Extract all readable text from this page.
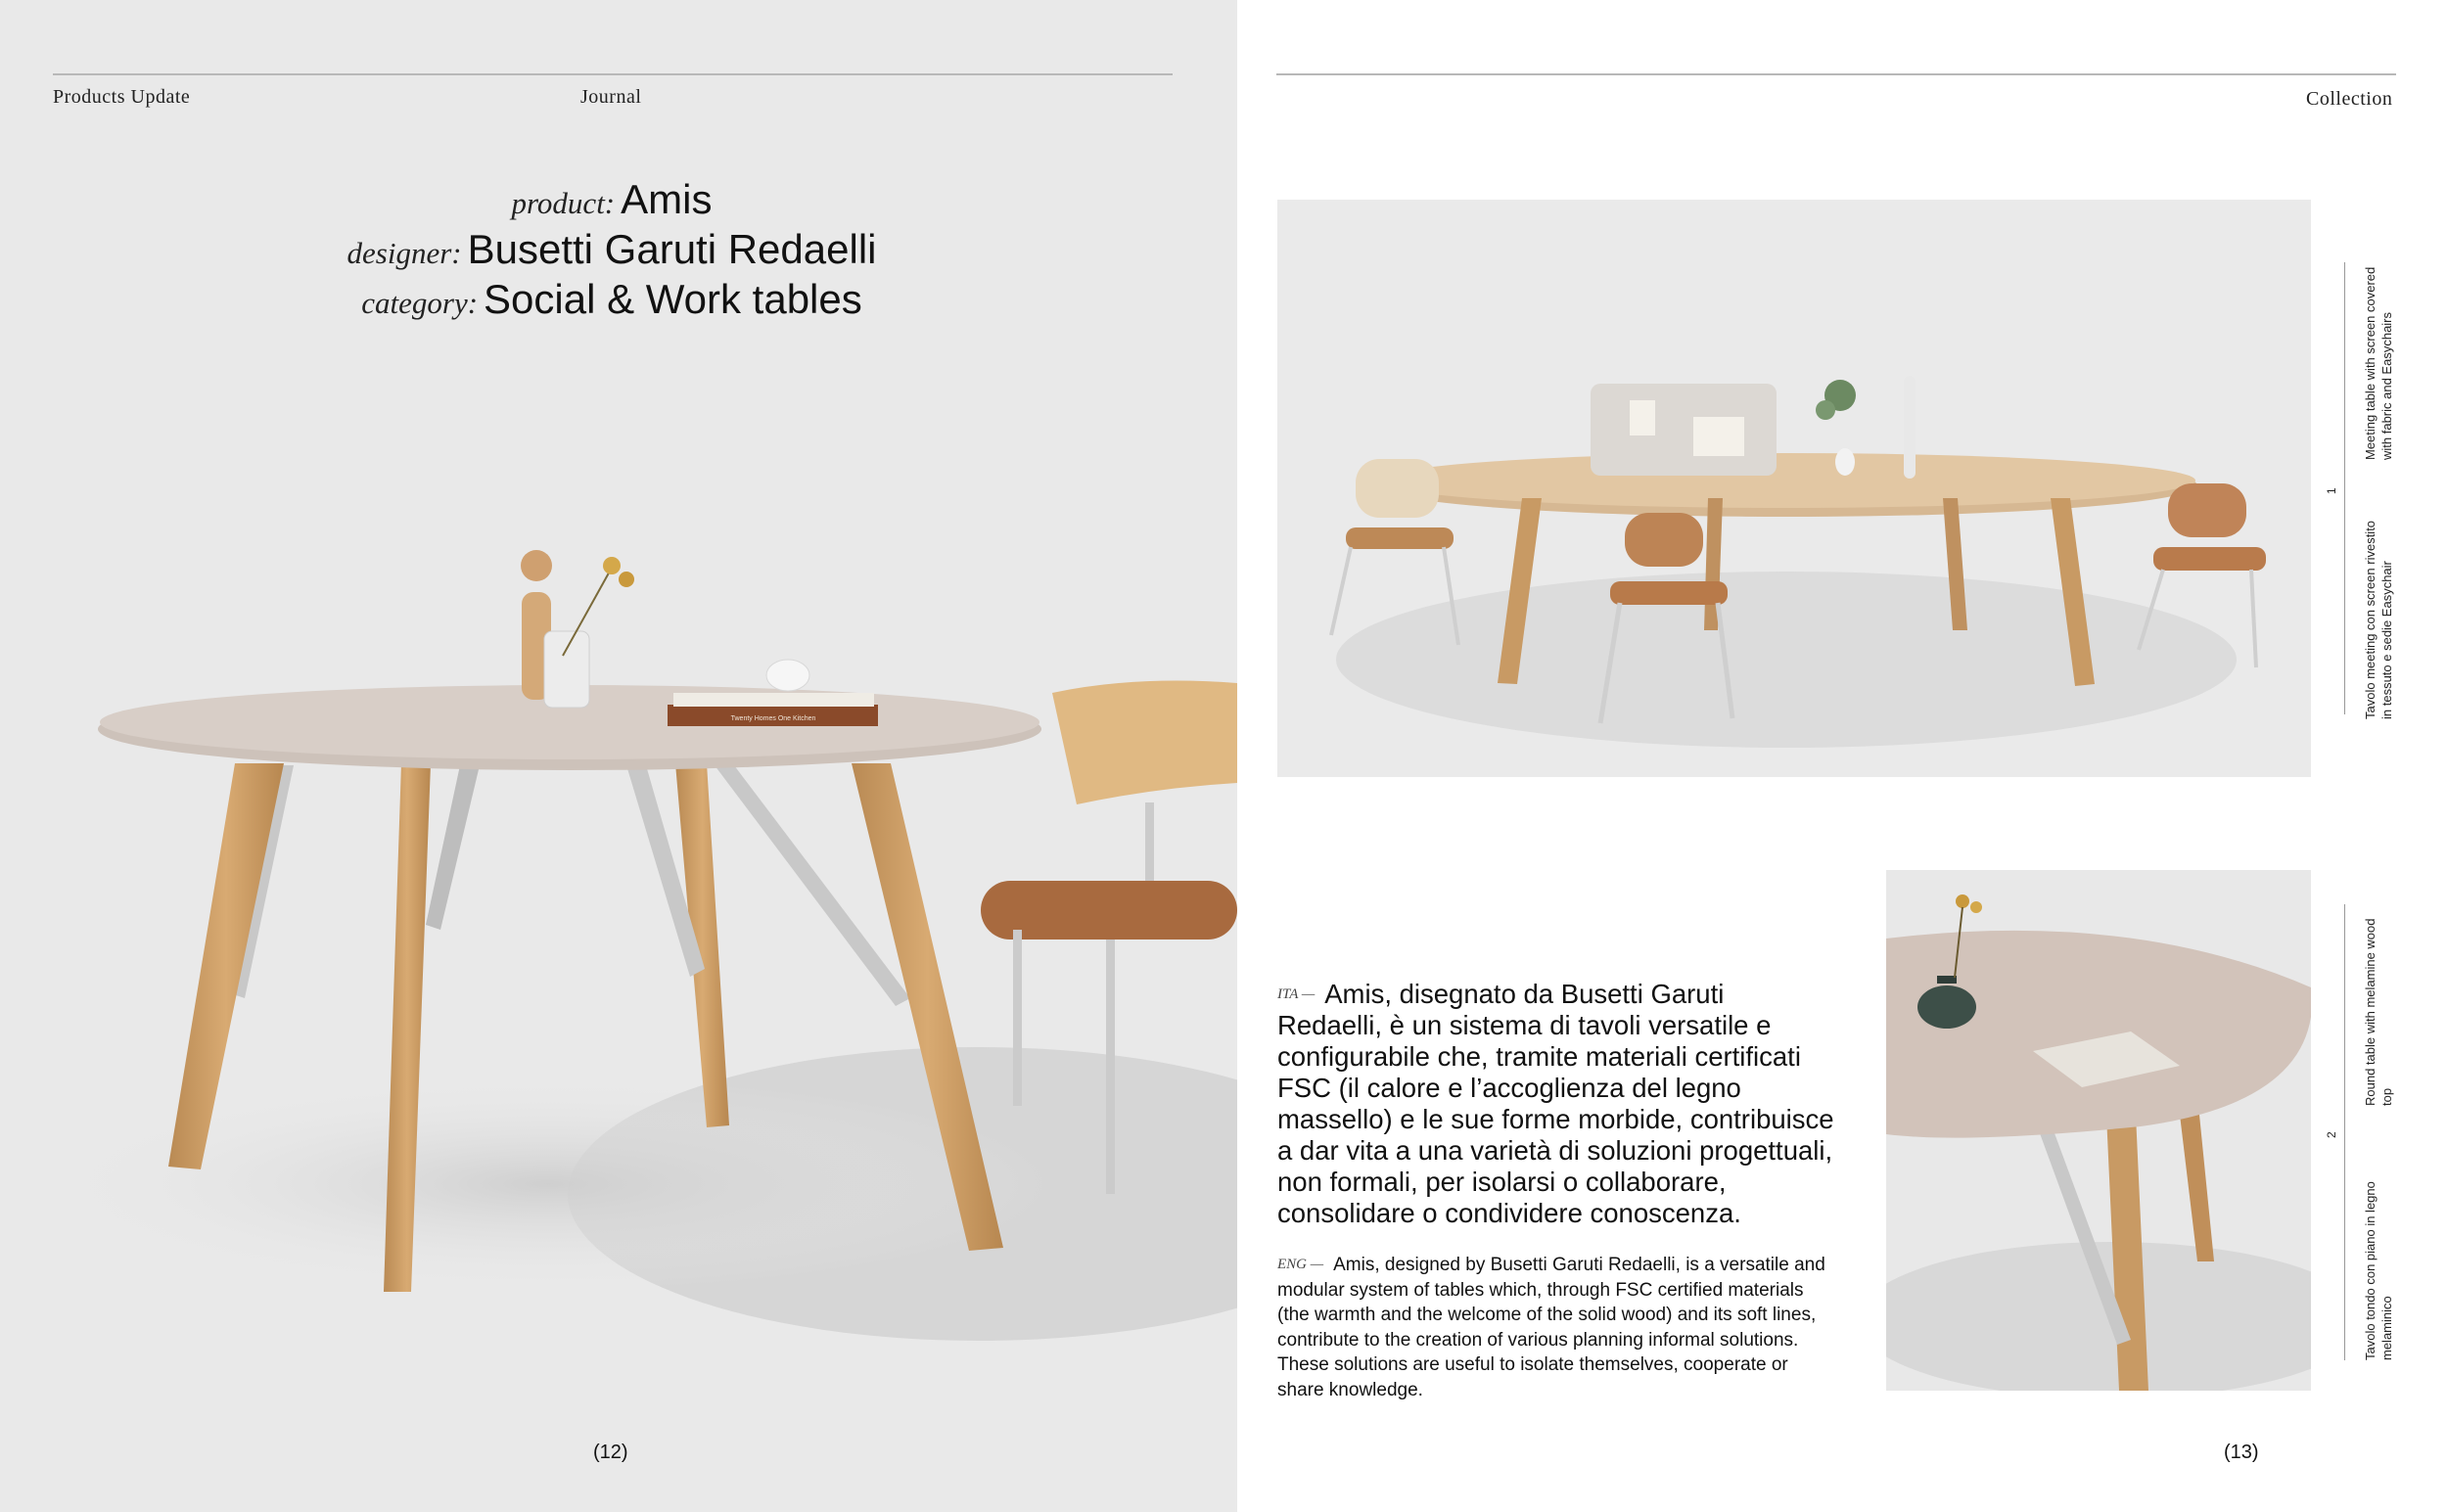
Products Update	Journal
product: Amis
designer: Busetti Garuti Redaelli
category: Social & Work tables
Twenty Homes One Kitchen
(12)
Collection
1
Meeting table with screen covered with fabric and Easychairs
Tavolo meeting con screen rivestito in tessuto e sedie Easychair
2
Round table with melamine wood top
Tavolo tondo con piano in legno melaminico
$^{ITA —}$ Amis, disegnato da Busetti Garuti Redaelli, è un sistema di tavoli versatile e configurabile che, tramite materiali certificati FSC (il calore e l’accoglienza del legno massello) e le sue forme morbide, contribuisce a dar vita a una varietà di soluzioni progettuali, non formali, per isolarsi o collaborare, consolidare o condividere conoscenza.
$^{ENG —}$ Amis, designed by Busetti Garuti Redaelli, is a versatile and modular system of tables which, through FSC certified materials (the warmth and the welcome of the solid wood) and its soft lines, contribute to the creation of various planning informal solutions. These solutions are useful to isolate themselves, cooperate or share knowledge.
(13)
